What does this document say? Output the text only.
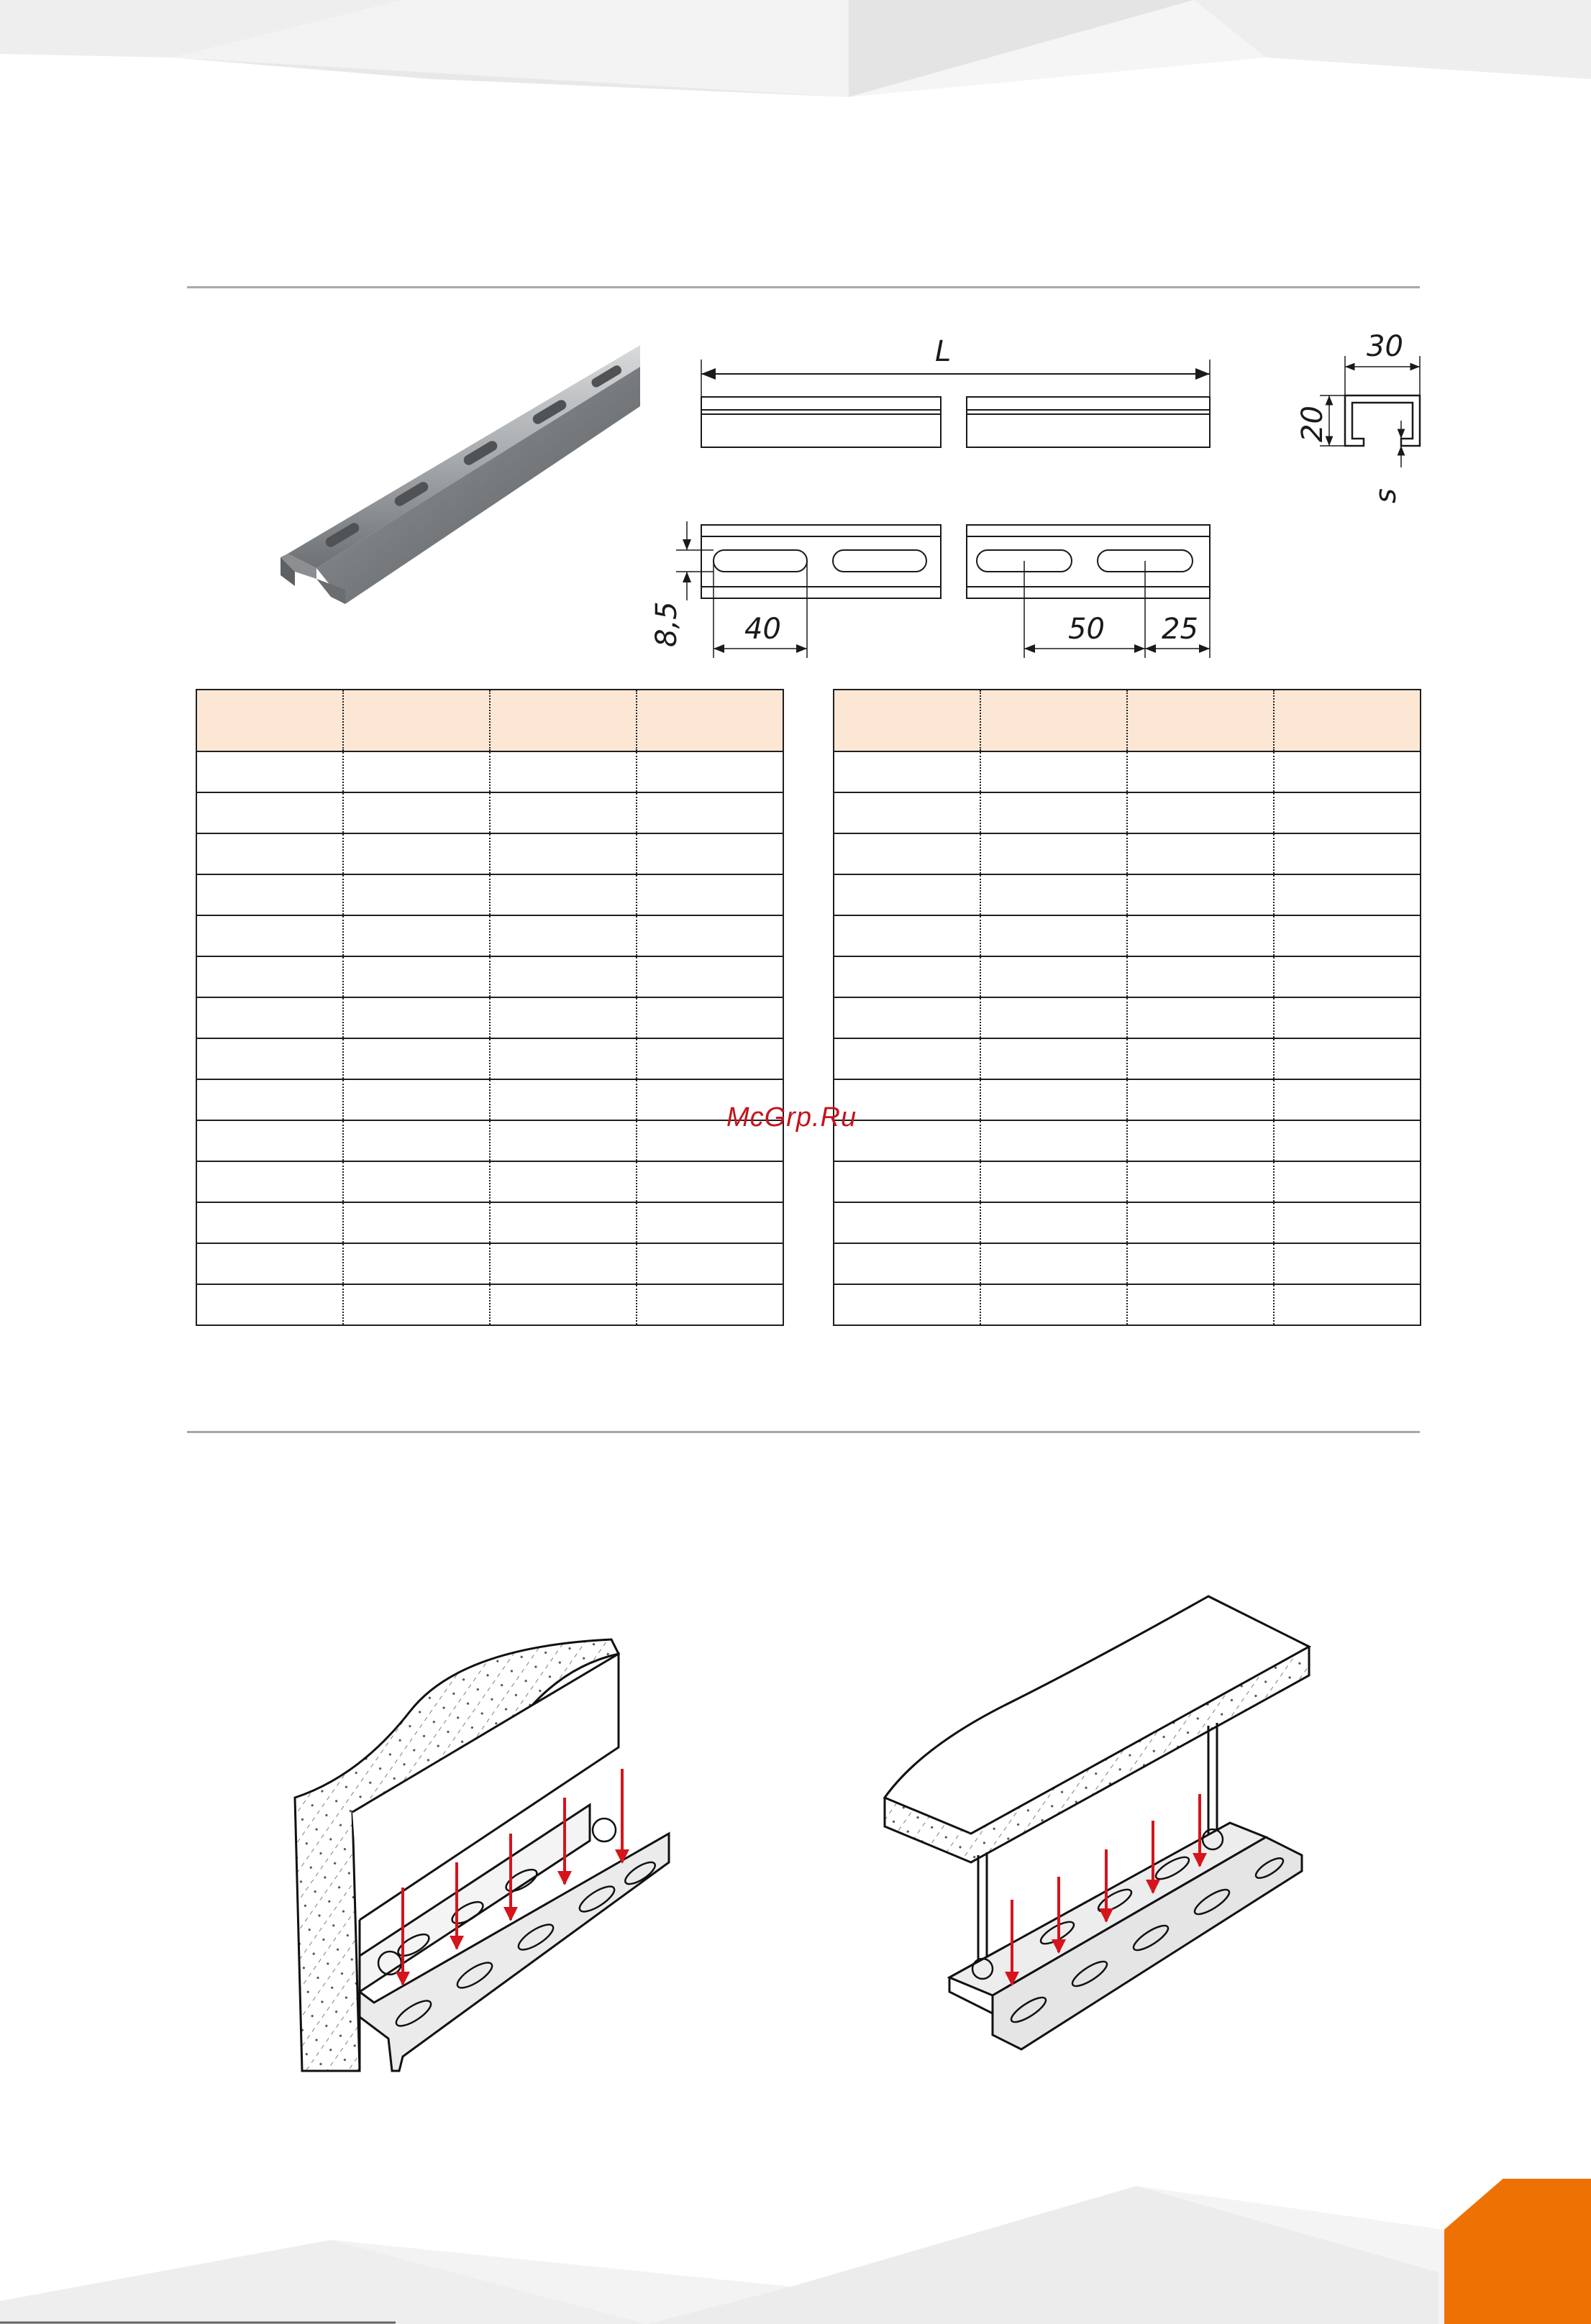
L
8,5 40	50 25
30
20
s

McGrp.Ru
